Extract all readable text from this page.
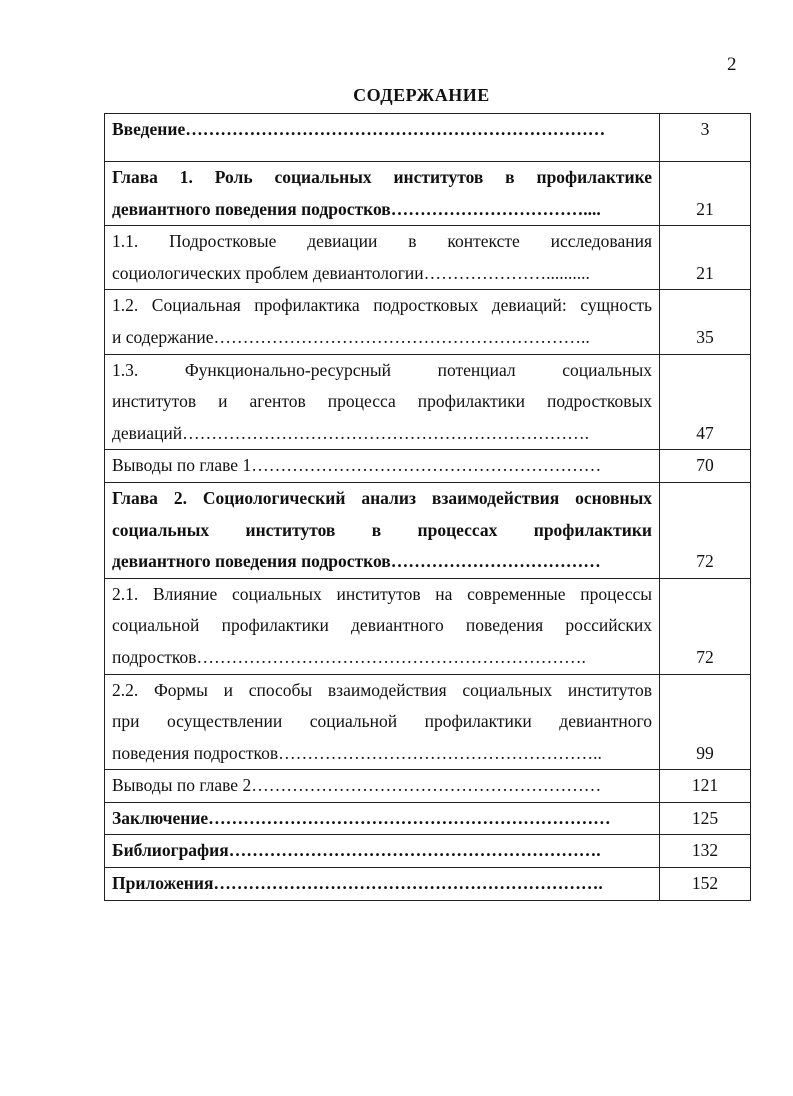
2
СОДЕРЖАНИЕ
Введение………………………………………………………………	3

Глава 1. Роль социальных институтов в профилактике
девиантного поведения подростков……………………………....	21

1.1. Подростковые девиации в контексте исследования
социологических проблем девиантологии…………………..........	21

1.2. Социальная профилактика подростковых девиаций: сущность
и содержание………………………………………………………..	35

1.3. Функционально-ресурсный потенциал социальных
институтов и агентов процесса профилактики подростковых
девиаций…………………………………………………………….	47

Выводы по главе 1……………………………………………………	70

Глава 2. Социологический анализ взаимодействия основных
социальных институтов в процессах профилактики
девиантного поведения подростков………………………………	72

2.1. Влияние социальных институтов на современные процессы
социальной профилактики девиантного поведения российских
подростков………………………………………………………….	72

2.2. Формы и способы взаимодействия социальных институтов
при осуществлении социальной профилактики девиантного
поведения подростков………………………………………………..	99

Выводы по главе 2……………………………………………………	121

Заключение……………………………………………………………	125

Библиография……………………………………………………….	132

Приложения………………………………………………………….	152
